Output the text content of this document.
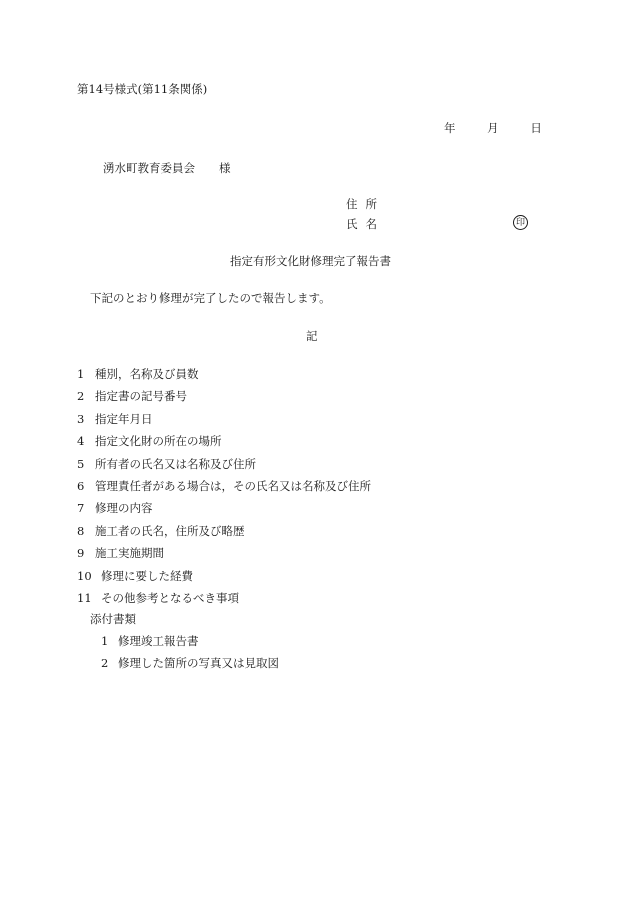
第14号様式(第11条関係)
年	月	日
湧水町教育委員会 様
住所
氏名	印
指定有形文化財修理完了報告書
下記のとおり修理が完了したので報告します。
記
1 種別，名称及び員数
2 指定書の記号番号
3 指定年月日
4 指定文化財の所在の場所
5 所有者の氏名又は名称及び住所
6 管理責任者がある場合は，その氏名又は名称及び住所
7 修理の内容
8 施工者の氏名，住所及び略歴
9 施工実施期間
10 修理に要した経費
11 その他参考となるべき事項
添付書類
1 修理竣工報告書
2 修理した箇所の写真又は見取図
